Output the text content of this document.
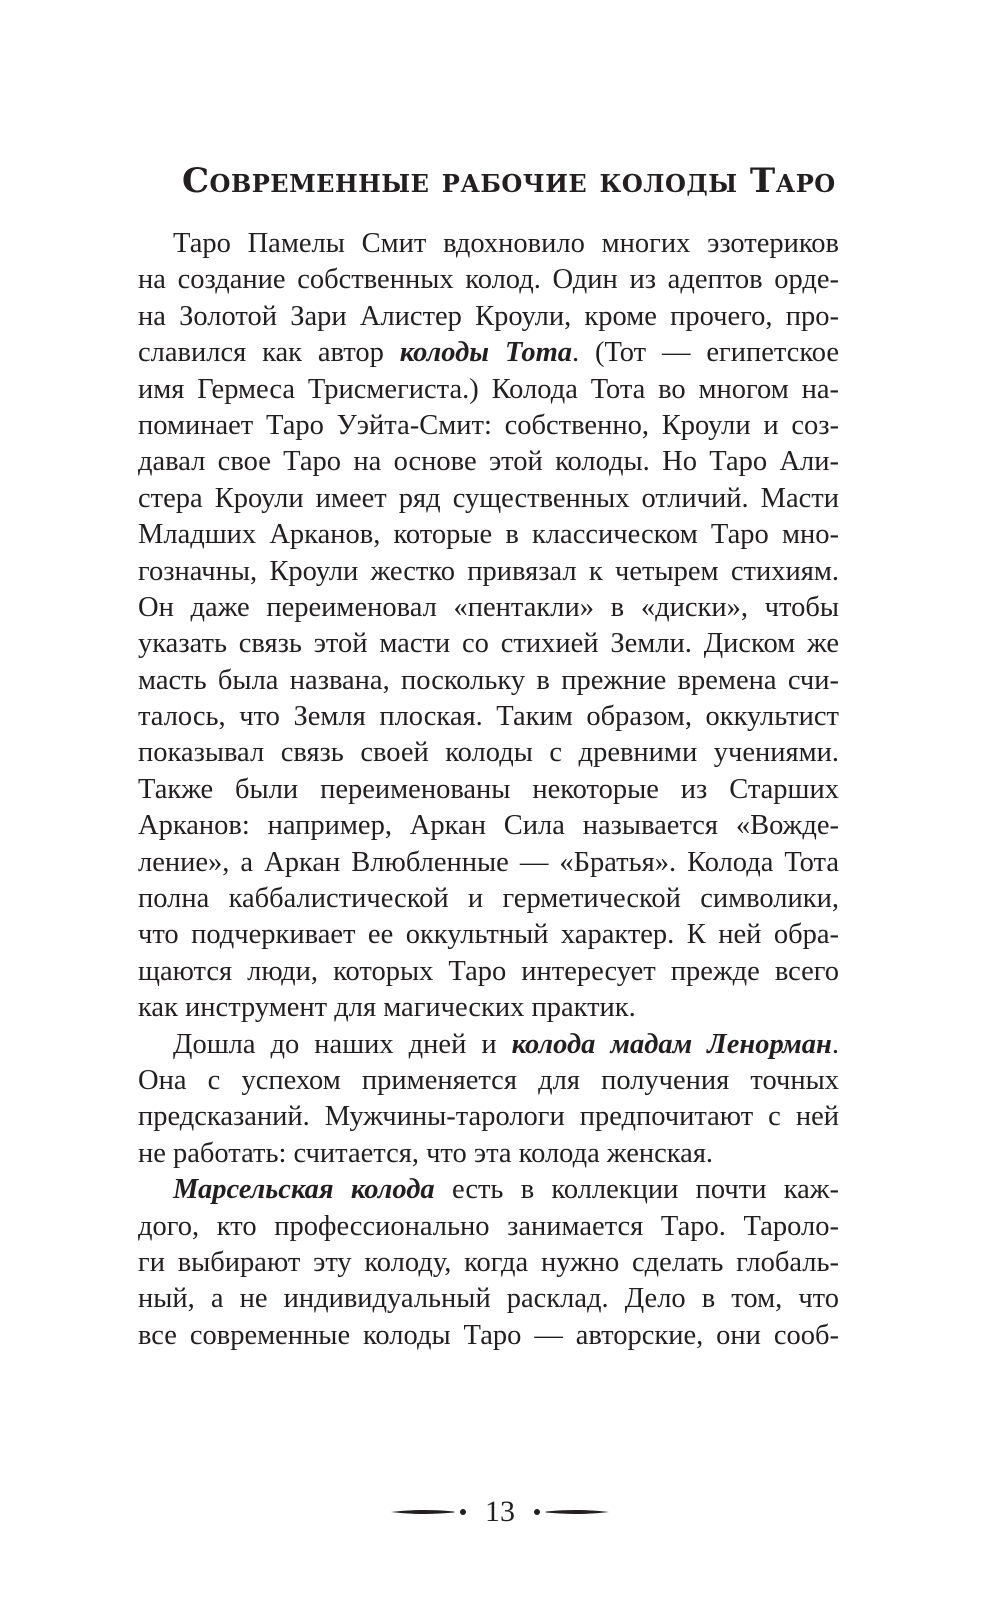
Современные рабочие колоды Таро
Таро Памелы Смит вдохновило многих эзотериков
на создание собственных колод. Один из адептов орде-
на Золотой Зари Алистер Кроули, кроме прочего, про-
славился как автор колоды Тота. (Тот — египетское
имя Гермеса Трисмегиста.) Колода Тота во многом на-
поминает Таро Уэйта-Смит: собственно, Кроули и соз-
давал свое Таро на основе этой колоды. Но Таро Али-
стера Кроули имеет ряд существенных отличий. Масти
Младших Арканов, которые в классическом Таро мно-
гозначны, Кроули жестко привязал к четырем стихиям.
Он даже переименовал «пентакли» в «диски», чтобы
указать связь этой масти со стихией Земли. Диском же
масть была названа, поскольку в прежние времена счи-
талось, что Земля плоская. Таким образом, оккультист
показывал связь своей колоды с древними учениями.
Также были переименованы некоторые из Старших
Арканов: например, Аркан Сила называется «Вожде-
ление», а Аркан Влюбленные — «Братья». Колода Тота
полна каббалистической и герметической символики,
что подчеркивает ее оккультный характер. К ней обра-
щаются люди, которых Таро интересует прежде всего
как инструмент для магических практик.
Дошла до наших дней и колода мадам Ленорман.
Она с успехом применяется для получения точных
предсказаний. Мужчины-тарологи предпочитают с ней
не работать: считается, что эта колода женская.
Марсельская колода есть в коллекции почти каж-
дого, кто профессионально занимается Таро. Тароло-
ги выбирают эту колоду, когда нужно сделать глобаль-
ный, а не индивидуальный расклад. Дело в том, что
все современные колоды Таро — авторские, они сооб-
13
